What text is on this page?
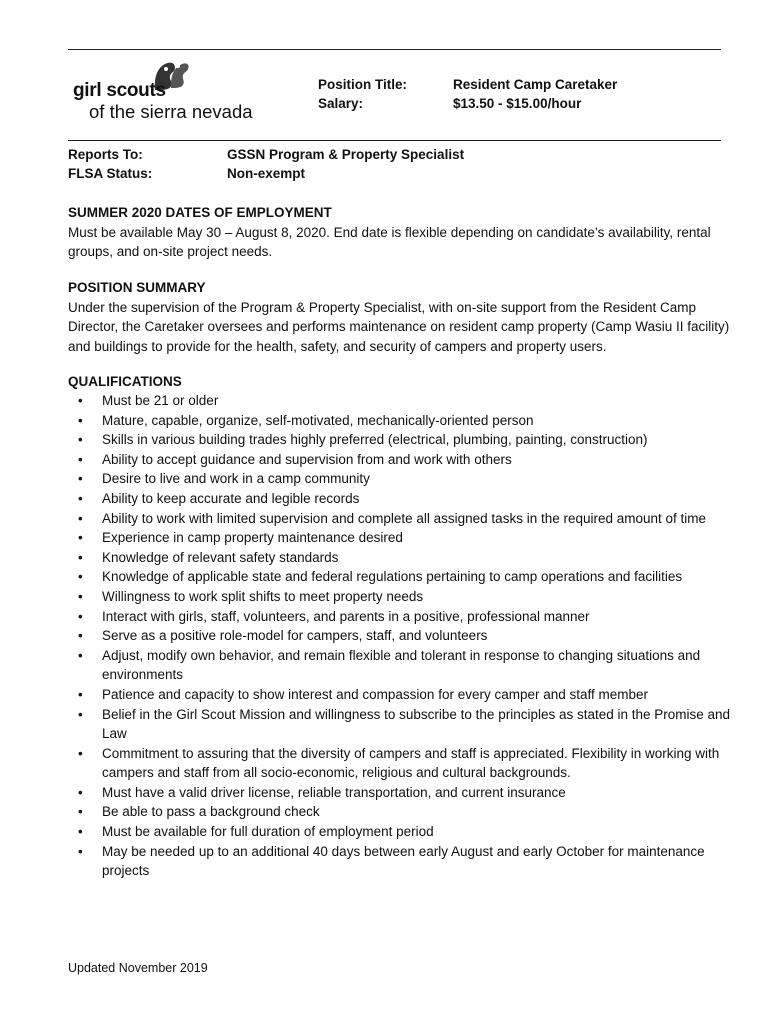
girl scouts
of the sierra nevada
Position Title:	Resident Camp Caretaker
Salary:	$13.50 - $15.00/hour
Reports To:	GSSN Program & Property Specialist
FLSA Status:	Non-exempt
SUMMER 2020 DATES OF EMPLOYMENT

Must be available May 30 – August 8, 2020. End date is flexible depending on candidate’s availability, rental groups, and on-site project needs.

POSITION SUMMARY

Under the supervision of the Program & Property Specialist, with on-site support from the Resident Camp Director, the Caretaker oversees and performs maintenance on resident camp property (Camp Wasiu II facility) and buildings to provide for the health, safety, and security of campers and property users.

QUALIFICATIONS
• Must be 21 or older
• Mature, capable, organize, self-motivated, mechanically-oriented person
• Skills in various building trades highly preferred (electrical, plumbing, painting, construction)
• Ability to accept guidance and supervision from and work with others
• Desire to live and work in a camp community
• Ability to keep accurate and legible records
• Ability to work with limited supervision and complete all assigned tasks in the required amount of time
• Experience in camp property maintenance desired
• Knowledge of relevant safety standards
• Knowledge of applicable state and federal regulations pertaining to camp operations and facilities
• Willingness to work split shifts to meet property needs
• Interact with girls, staff, volunteers, and parents in a positive, professional manner
• Serve as a positive role-model for campers, staff, and volunteers
• Adjust, modify own behavior, and remain flexible and tolerant in response to changing situations and environments
• Patience and capacity to show interest and compassion for every camper and staff member
• Belief in the Girl Scout Mission and willingness to subscribe to the principles as stated in the Promise and Law
• Commitment to assuring that the diversity of campers and staff is appreciated. Flexibility in working with campers and staff from all socio-economic, religious and cultural backgrounds.
• Must have a valid driver license, reliable transportation, and current insurance
• Be able to pass a background check
• Must be available for full duration of employment period
• May be needed up to an additional 40 days between early August and early October for maintenance projects
Updated November 2019
